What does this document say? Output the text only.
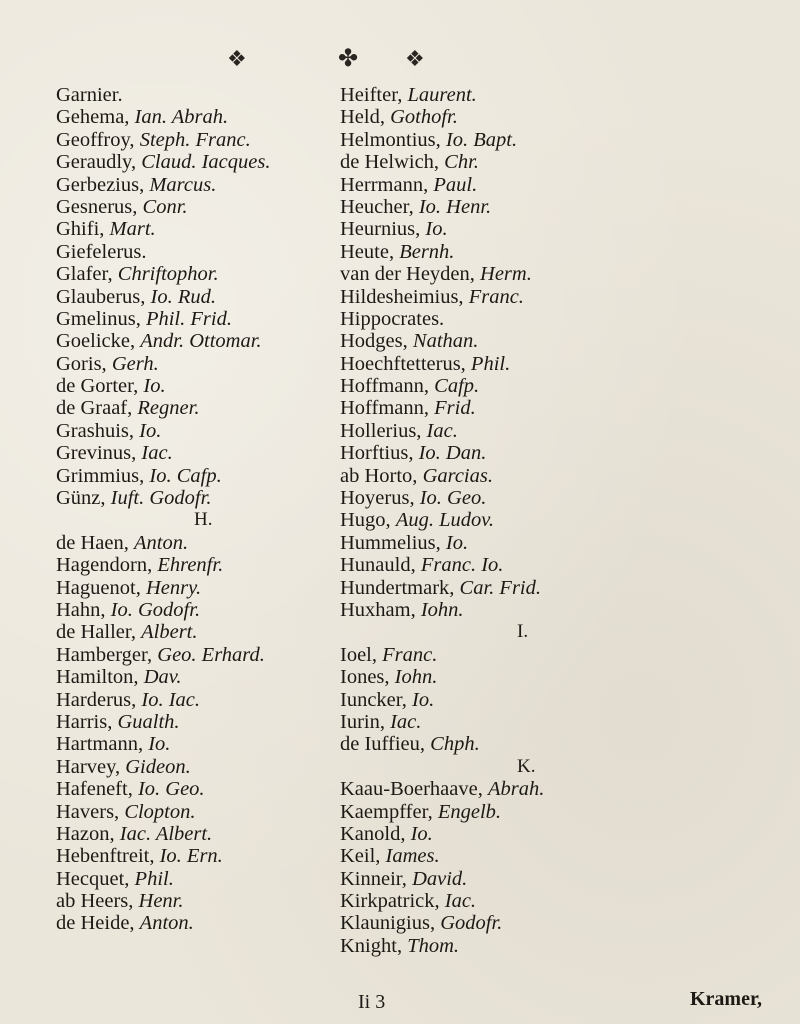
❖	✤ ❖
Garnier.
Gehema, Ian. Abrah.
Geoffroy, Steph. Franc.
Geraudly, Claud. Iacques.
Gerbezius, Marcus.
Gesnerus, Conr.
Ghifi, Mart.
Giefelerus.
Glafer, Chriftophor.
Glauberus, Io. Rud.
Gmelinus, Phil. Frid.
Goelicke, Andr. Ottomar.
Goris, Gerh.
de Gorter, Io.
de Graaf, Regner.
Grashuis, Io.
Grevinus, Iac.
Grimmius, Io. Cafp.
Günz, Iuft. Godofr.
H.
de Haen, Anton.
Hagendorn, Ehrenfr.
Haguenot, Henry.
Hahn, Io. Godofr.
de Haller, Albert.
Hamberger, Geo. Erhard.
Hamilton, Dav.
Harderus, Io. Iac.
Harris, Gualth.
Hartmann, Io.
Harvey, Gideon.
Hafeneft, Io. Geo.
Havers, Clopton.
Hazon, Iac. Albert.
Hebenftreit, Io. Ern.
Hecquet, Phil.
ab Heers, Henr.
de Heide, Anton.
Heifter, Laurent.
Held, Gothofr.
Helmontius, Io. Bapt.
de Helwich, Chr.
Herrmann, Paul.
Heucher, Io. Henr.
Heurnius, Io.
Heute, Bernh.
van der Heyden, Herm.
Hildesheimius, Franc.
Hippocrates.
Hodges, Nathan.
Hoechftetterus, Phil.
Hoffmann, Cafp.
Hoffmann, Frid.
Hollerius, Iac.
Horftius, Io. Dan.
ab Horto, Garcias.
Hoyerus, Io. Geo.
Hugo, Aug. Ludov.
Hummelius, Io.
Hunauld, Franc. Io.
Hundertmark, Car. Frid.
Huxham, Iohn.
I.
Ioel, Franc.
Iones, Iohn.
Iuncker, Io.
Iurin, Iac.
de Iuffieu, Chph.
K.
Kaau-Boerhaave, Abrah.
Kaempffer, Engelb.
Kanold, Io.
Keil, Iames.
Kinneir, David.
Kirkpatrick, Iac.
Klaunigius, Godofr.
Knight, Thom.
Ii 3	Kramer,
